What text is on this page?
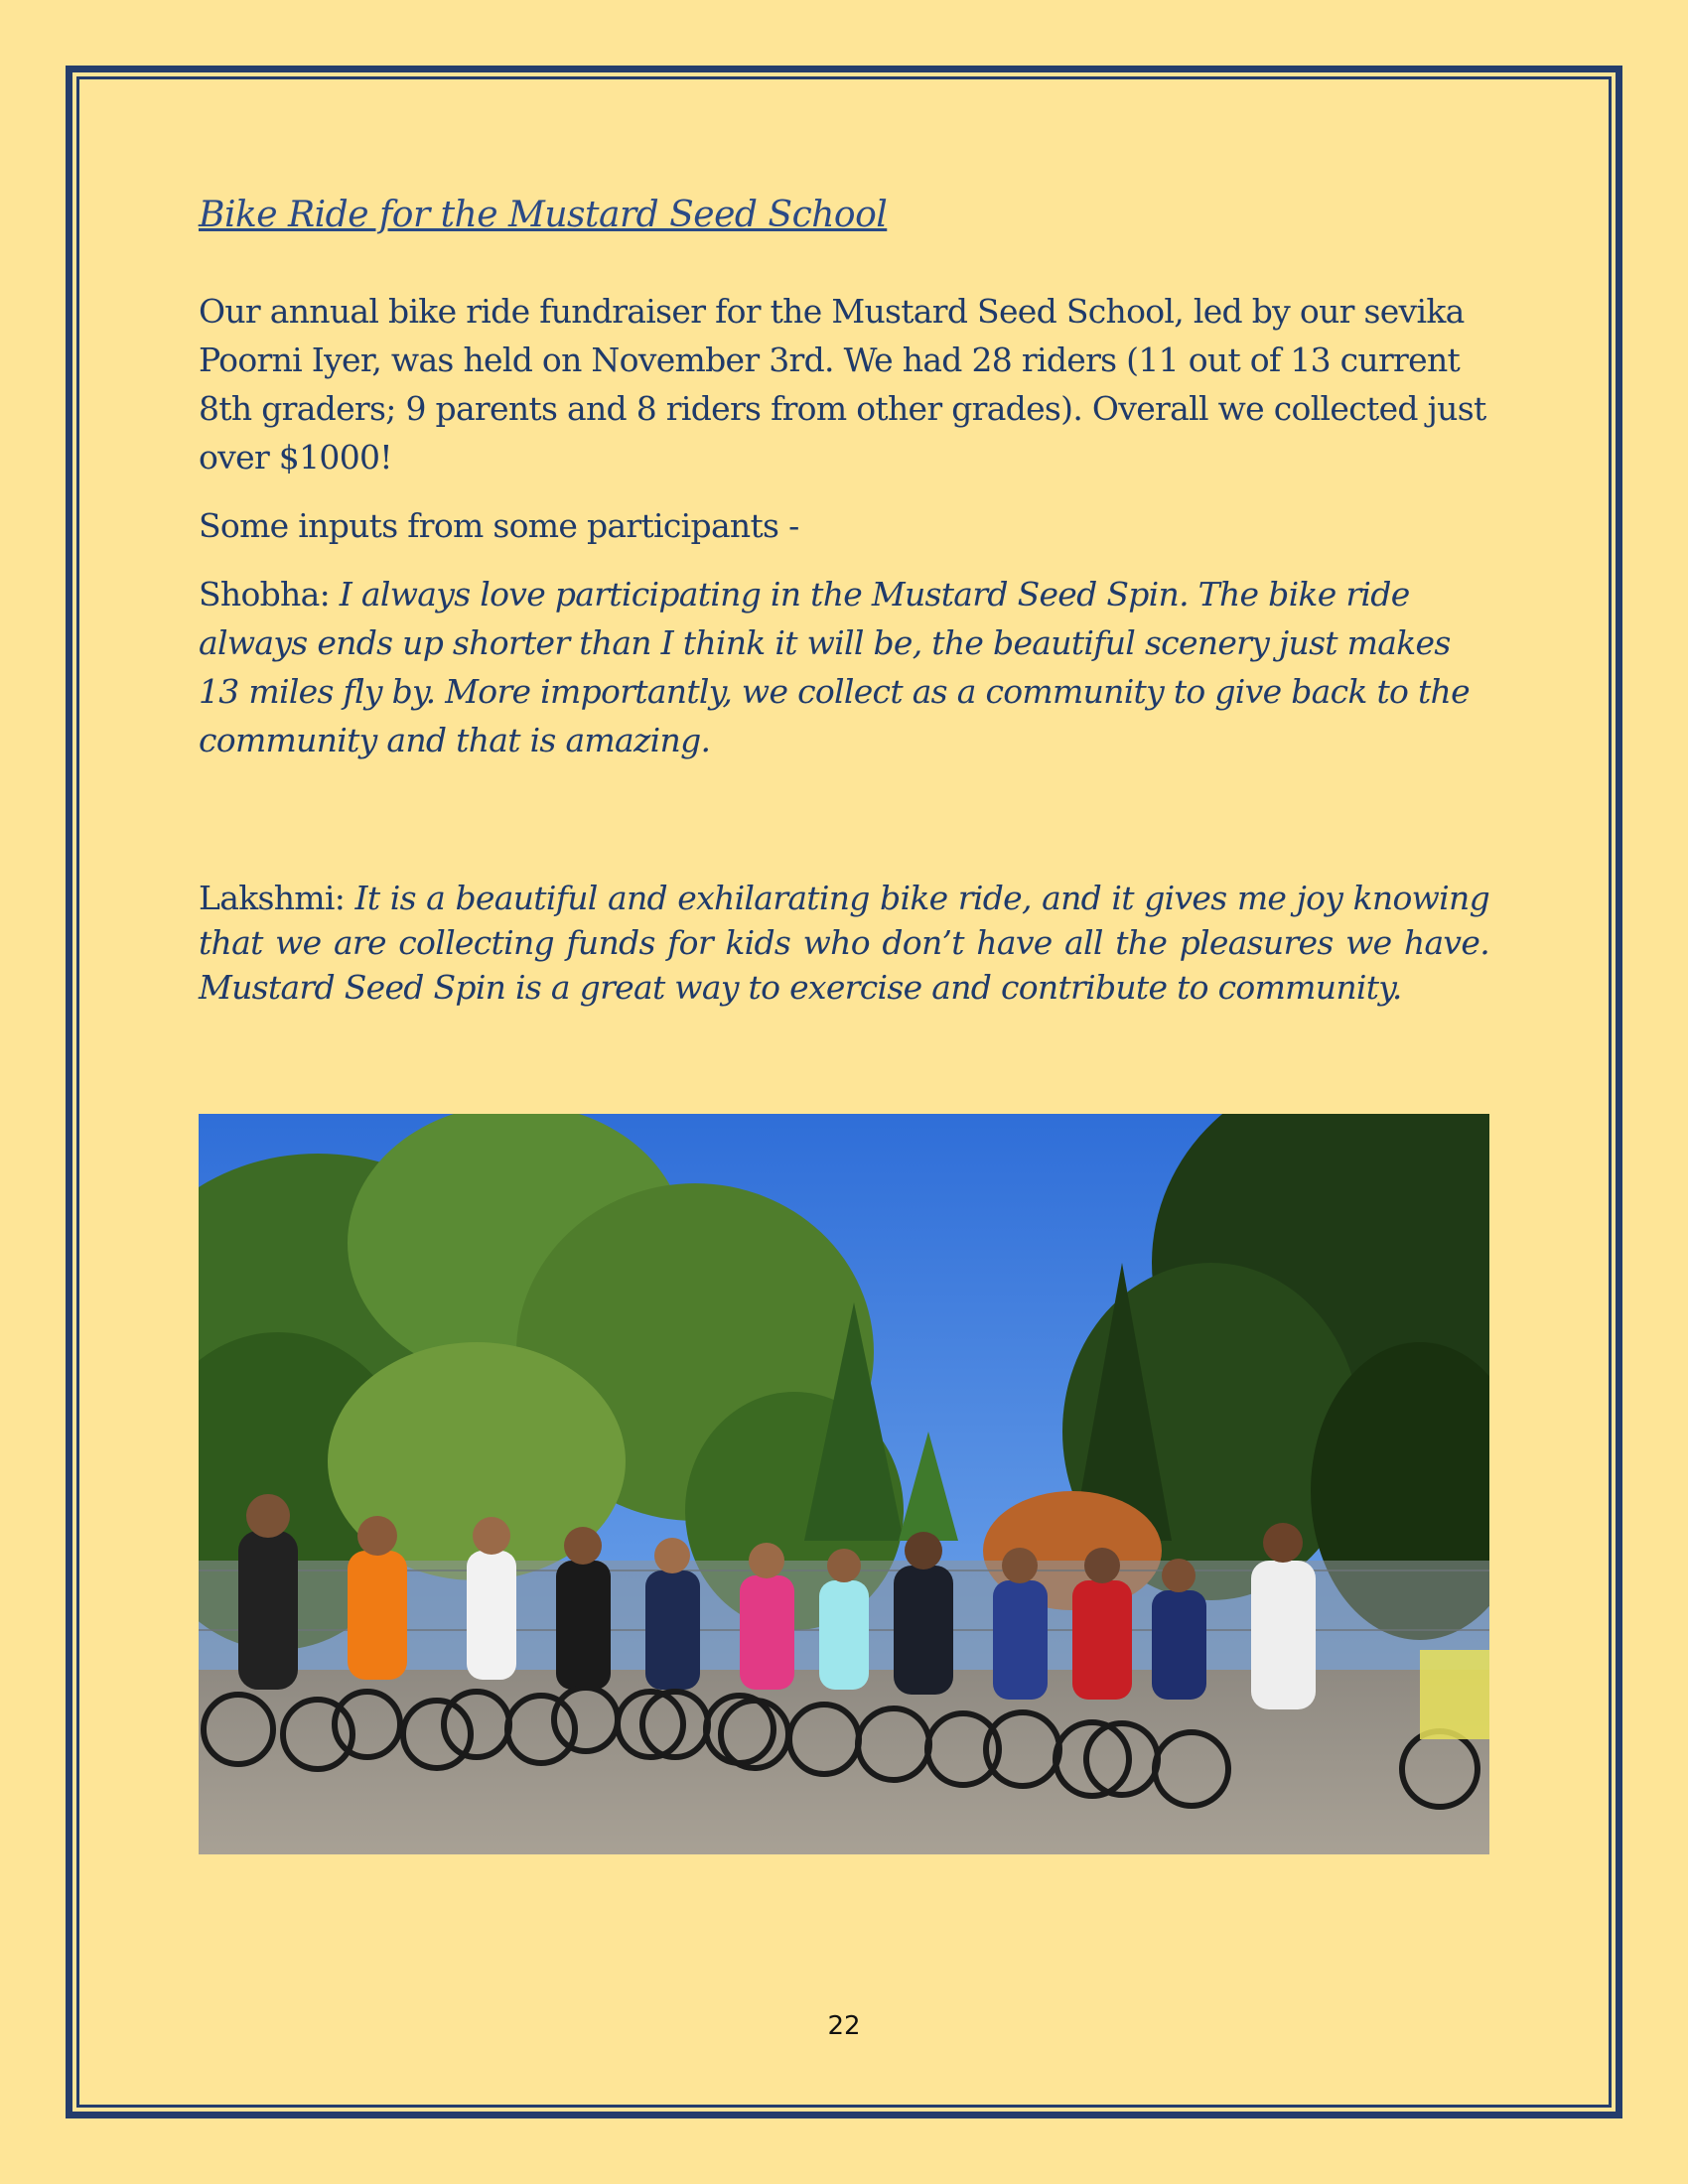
Bike Ride for the Mustard Seed School

Our annual bike ride fundraiser for the Mustard Seed School, led by our sevika Poorni Iyer, was held on November 3rd. We had 28 riders (11 out of 13 current 8th graders; 9 parents and 8 riders from other grades). Overall we collected just over $1000!

Some inputs from some participants -

Shobha: I always love participating in the Mustard Seed Spin. The bike ride always ends up shorter than I think it will be, the beautiful scenery just makes 13 miles fly by. More importantly, we collect as a community to give back to the community and that is amazing.

Lakshmi: It is a beautiful and exhilarating bike ride, and it gives me joy knowing that we are collecting funds for kids who don’t have all the pleasures we have. Mustard Seed Spin is a great way to exercise and contribute to community.

22
